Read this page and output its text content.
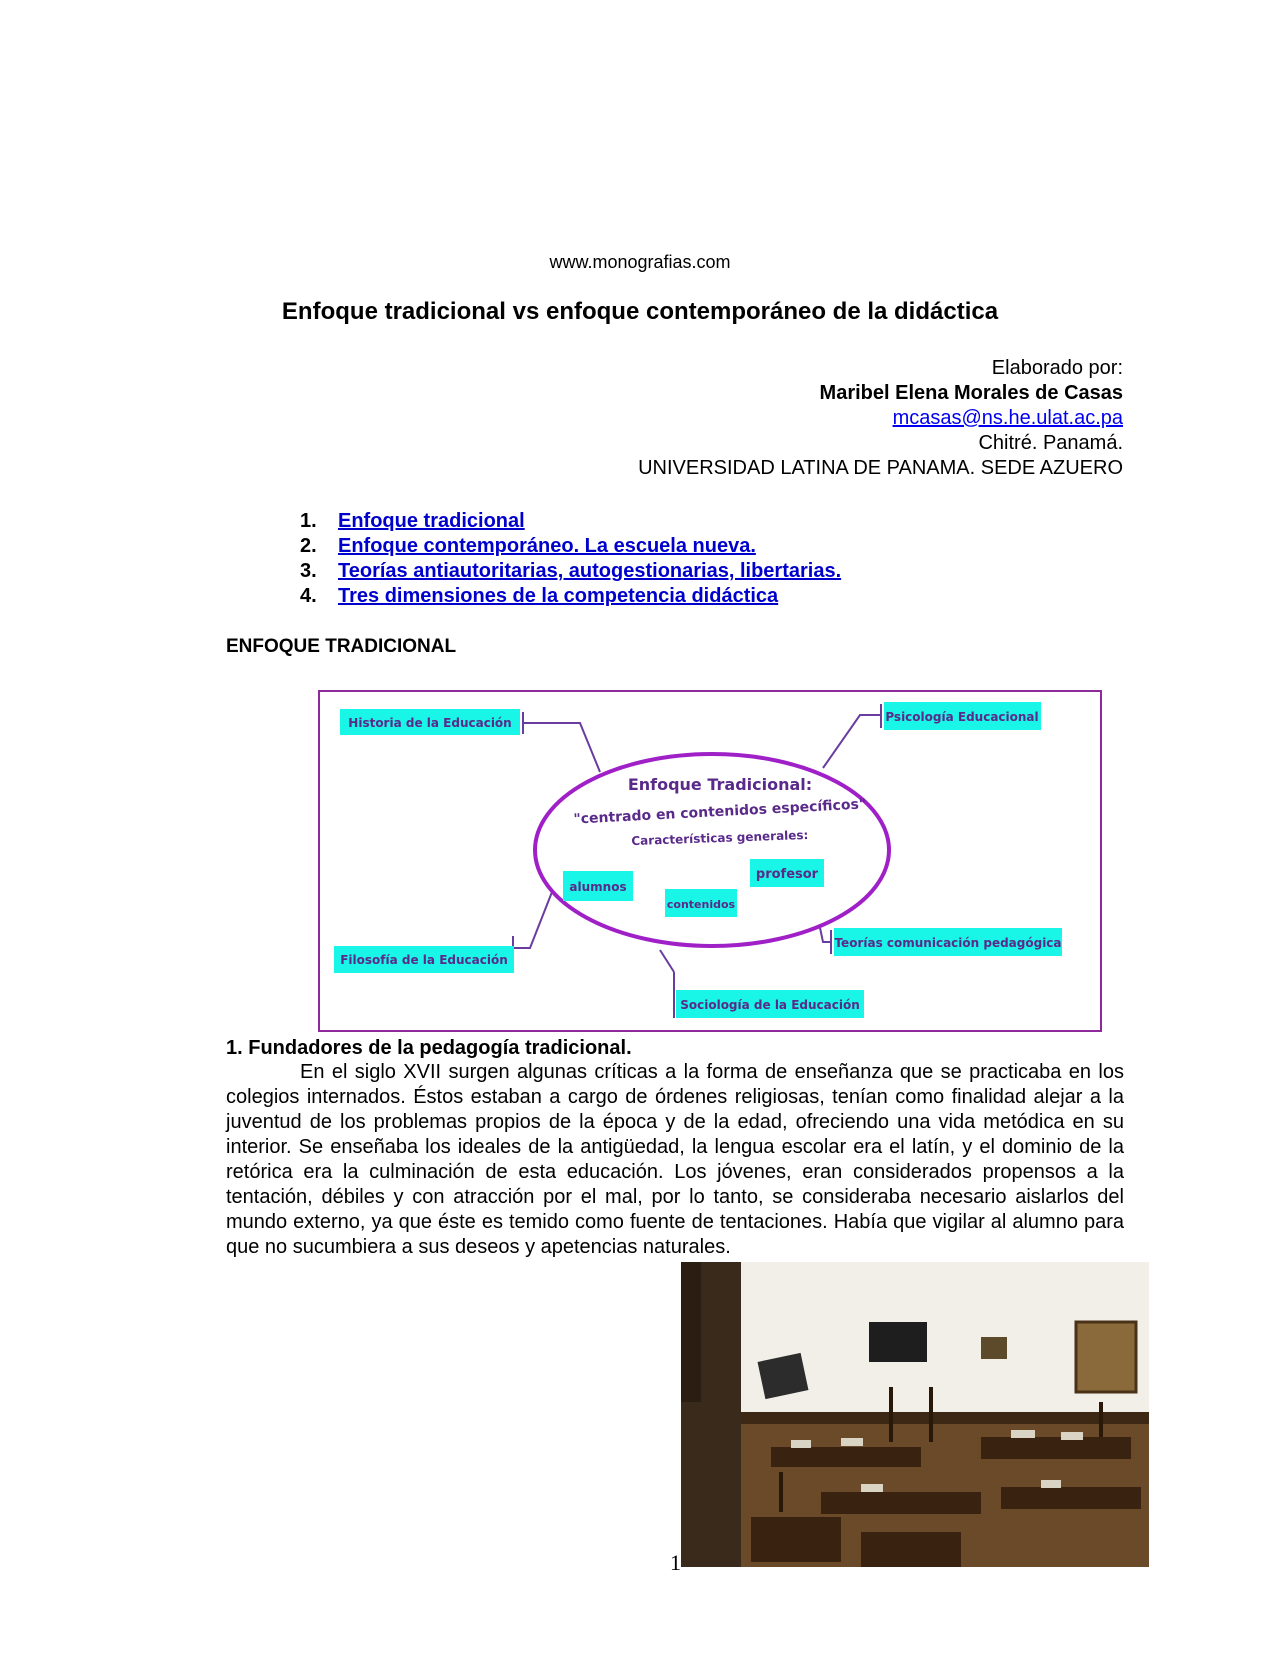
www.monografias.com
Enfoque tradicional vs enfoque contemporáneo de la didáctica
Elaborado por:
Maribel Elena Morales de Casas
mcasas@ns.he.ulat.ac.pa
Chitré. Panamá.
UNIVERSIDAD LATINA DE PANAMA. SEDE AZUERO
1.	Enfoque tradicional
2.	Enfoque contemporáneo. La escuela nueva.
3.	Teorías antiautoritarias, autogestionarias, libertarias.
4.	Tres dimensiones de la competencia didáctica
ENFOQUE TRADICIONAL
Enfoque Tradicional:
"centrado en contenidos específicos"
Características generales:
alumnos
contenidos
profesor
Historia de la Educación	Psicología Educacional
Filosofía de la Educación
Teorías comunicación pedagógica
Sociología de la Educación
1. Fundadores de la pedagogía tradicional.

En el siglo XVII surgen algunas críticas a la forma de enseñanza que se practicaba en los colegios internados. Éstos estaban a cargo de órdenes religiosas, tenían como finalidad alejar a la juventud de los problemas propios de la época y de la edad, ofreciendo una vida metódica en su interior. Se enseñaba los ideales de la antigüedad, la lengua escolar era el latín, y el dominio de la retórica era la culminación de esta educación. Los jóvenes, eran considerados propensos a la tentación, débiles y con atracción por el mal, por lo tanto, se consideraba necesario aislarlos del mundo externo, ya que éste es temido como fuente de tentaciones. Había que vigilar al alumno para que no sucumbiera a sus deseos y apetencias naturales.

1
